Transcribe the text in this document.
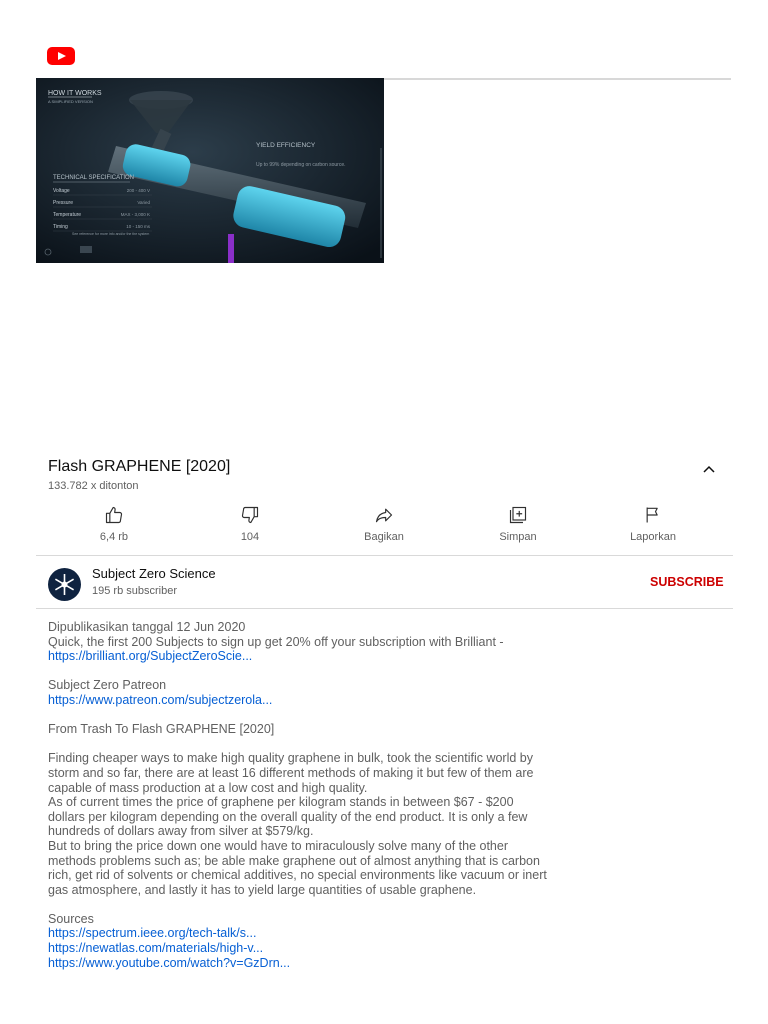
HOW IT WORKS
A SIMPLIFIED VERSION
YIELD EFFICIENCY
Up to 99% depending on carbon source.
TECHNICAL SPECIFICATION
Voltage	200 - 400 V
Pressure	Varied
Temperature	MAX - 3,000 K
Timing	10 - 150 ms
See reference for more info and/or the the system
Flash GRAPHENE [2020]
133.782 x ditonton
6,4 rb	104	Bagikan	Simpan	Laporkan
Subject Zero Science
195 rb subscriber
SUBSCRIBE

Dipublikasikan tanggal 12 Jun 2020

Quick, the first 200 Subjects to sign up get 20% off your subscription with Brilliant -

https://brilliant.org/SubjectZeroScie...

Subject Zero Patreon

https://www.patreon.com/subjectzerola...

From Trash To Flash GRAPHENE [2020]

Finding cheaper ways to make high quality graphene in bulk, took the scientific world by storm and so far, there are at least 16 different methods of making it but few of them are capable of mass production at a low cost and high quality.

As of current times the price of graphene per kilogram stands in between $67 - $200 dollars per kilogram depending on the overall quality of the end product. It is only a few hundreds of dollars away from silver at $579/kg.

But to bring the price down one would have to miraculously solve many of the other methods problems such as; be able make graphene out of almost anything that is carbon rich, get rid of solvents or chemical additives, no special environments like vacuum or inert gas atmosphere, and lastly it has to yield large quantities of usable graphene.

Sources

https://spectrum.ieee.org/tech-talk/s...
https://newatlas.com/materials/high-v...
https://www.youtube.com/watch?v=GzDrn...
